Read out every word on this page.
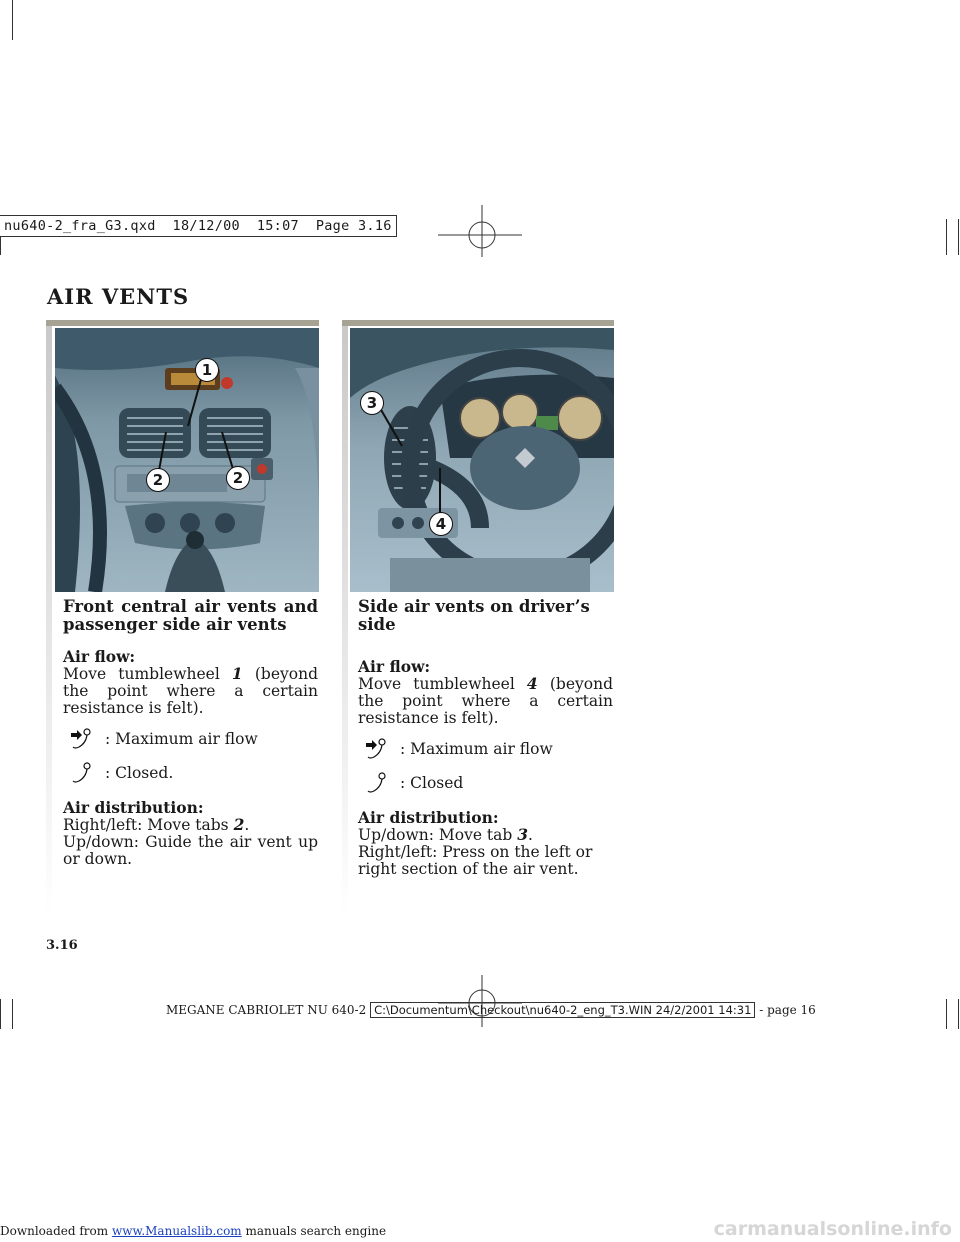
nu640-2_fra_G3.qxd  18/12/00  15:07  Page 3.16
AIR VENTS
1
2	2
3
4
Front central air vents and passenger side air vents

Air flow:

Move tumblewheel 1 (beyond the point where a certain resistance is felt).

: Maximum air flow
: Closed.

Air distribution:

Right/left: Move tabs 2.

Up/down: Guide the air vent up or down.

Side air vents on driver’s side

Air flow:

Move tumblewheel 4 (beyond the point where a certain resistance is felt).

: Maximum air flow
: Closed

Air distribution:

Up/down: Move tab 3.

Right/left: Press on the left or right section of the air vent.

3.16
MEGANE CABRIOLET NU 640-2 C:\Documentum\Checkout\nu640-2_eng_T3.WIN 24/2/2001 14:31 - page 16
Downloaded from www.Manualslib.com manuals search engine	carmanualsonline.info
